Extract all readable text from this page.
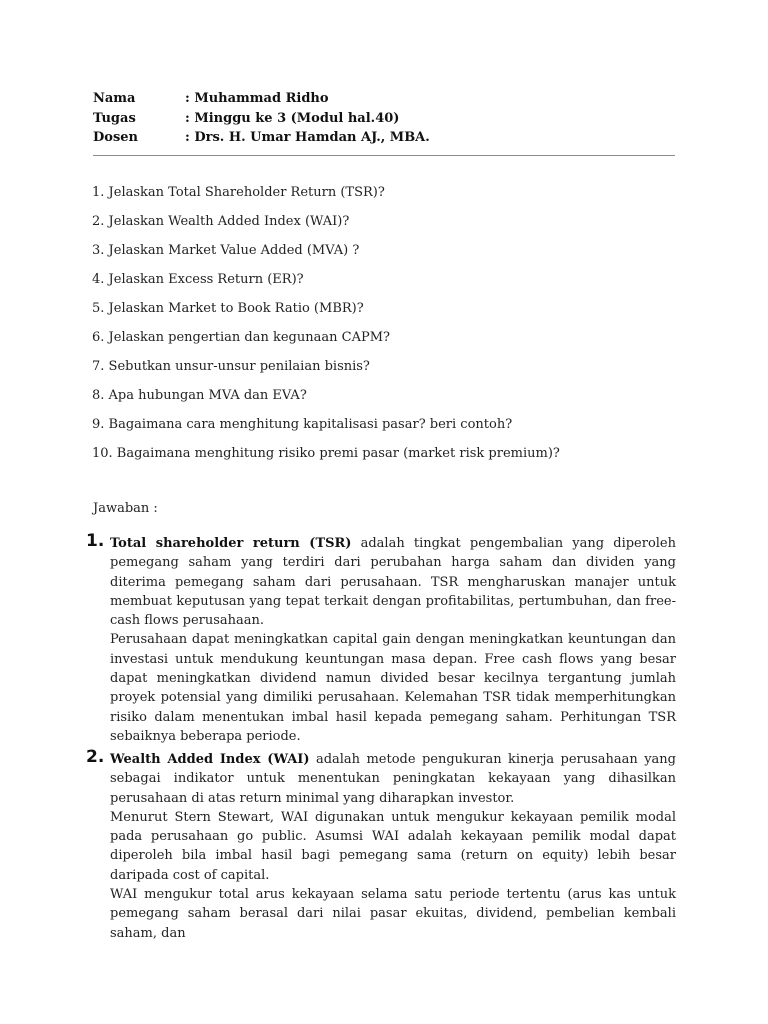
Nama	: Muhammad Ridho
Tugas	: Minggu ke 3 (Modul hal.40)
Dosen	: Drs. H. Umar Hamdan AJ., MBA.
1. Jelaskan Total Shareholder Return (TSR)?
2. Jelaskan Wealth Added Index (WAI)?
3. Jelaskan Market Value Added (MVA) ?
4. Jelaskan Excess Return (ER)?
5. Jelaskan Market to Book Ratio (MBR)?
6. Jelaskan pengertian dan kegunaan CAPM?
7. Sebutkan unsur-unsur penilaian bisnis?
8. Apa hubungan MVA dan EVA?
9. Bagaimana cara menghitung kapitalisasi pasar? beri contoh?
10. Bagaimana menghitung risiko premi pasar (market risk premium)?
Jawaban :
1. Total shareholder return (TSR) adalah tingkat pengembalian yang diperoleh pemegang saham yang terdiri dari perubahan harga saham dan dividen yang diterima pemegang saham dari perusahaan. TSR mengharuskan manajer untuk membuat keputusan yang tepat terkait dengan profitabilitas, pertumbuhan, dan free-cash flows perusahaan.

Perusahaan dapat meningkatkan capital gain dengan meningkatkan keuntungan dan investasi untuk mendukung keuntungan masa depan. Free cash flows yang besar dapat meningkatkan dividend namun divided besar kecilnya tergantung jumlah proyek potensial yang dimiliki perusahaan. Kelemahan TSR tidak memperhitungkan risiko dalam menentukan imbal hasil kepada pemegang saham. Perhitungan TSR sebaiknya beberapa periode.

2. Wealth Added Index (WAI) adalah metode pengukuran kinerja perusahaan yang sebagai indikator untuk menentukan peningkatan kekayaan yang dihasilkan perusahaan di atas return minimal yang diharapkan investor.

Menurut Stern Stewart, WAI digunakan untuk mengukur kekayaan pemilik modal pada perusahaan go public. Asumsi WAI adalah kekayaan pemilik modal dapat diperoleh bila imbal hasil bagi pemegang sama (return on equity) lebih besar daripada cost of capital.

WAI mengukur total arus kekayaan selama satu periode tertentu (arus kas untuk pemegang saham berasal dari nilai pasar ekuitas, dividend, pembelian kembali saham, dan
